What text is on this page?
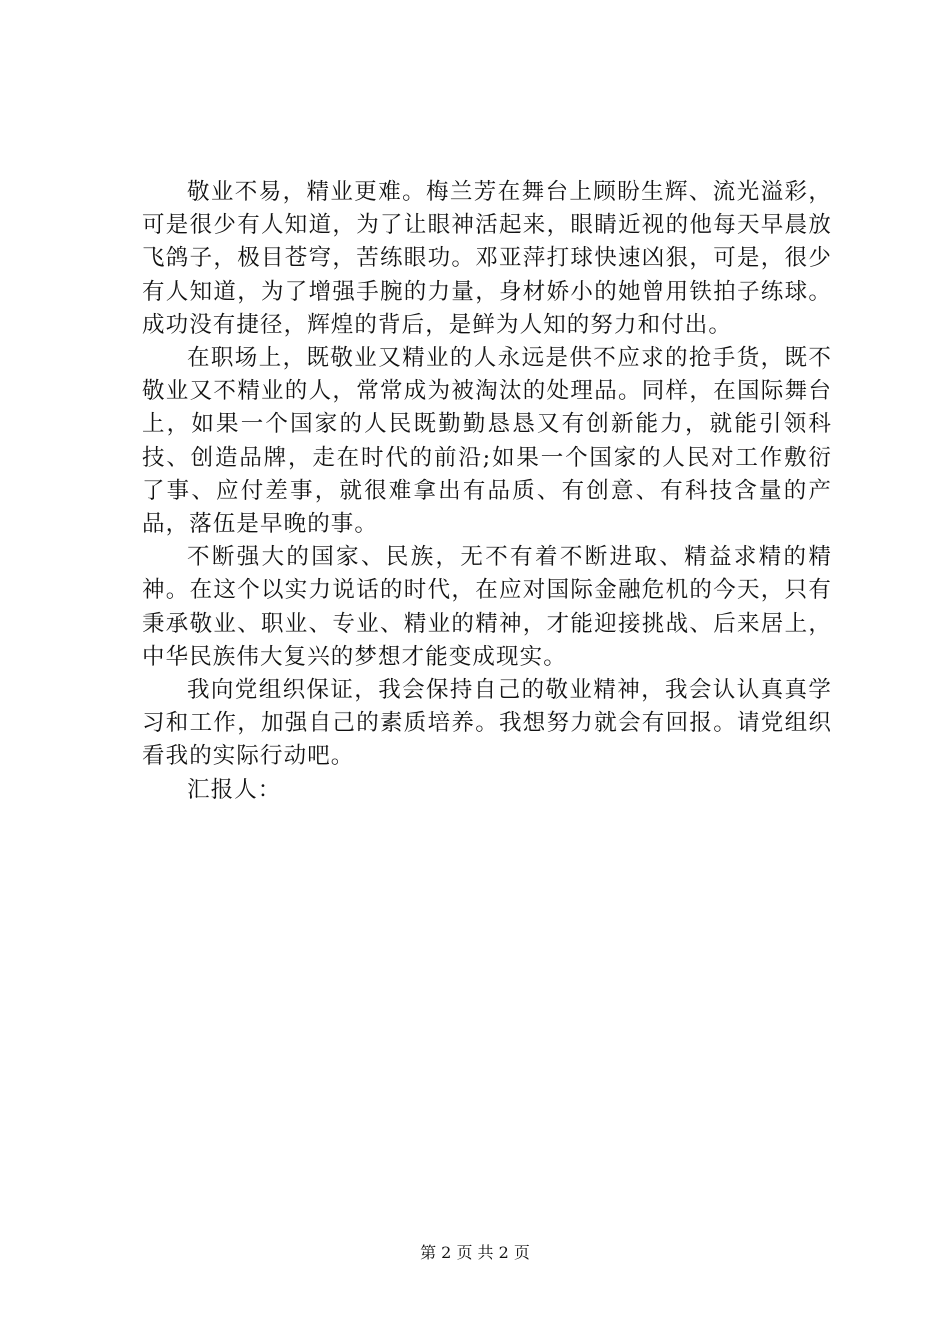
敬业不易，精业更难。梅兰芳在舞台上顾盼生辉、流光溢彩，可是很少有人知道，为了让眼神活起来，眼睛近视的他每天早晨放飞鸽子，极目苍穹，苦练眼功。邓亚萍打球快速凶狠，可是，很少有人知道，为了增强手腕的力量，身材娇小的她曾用铁拍子练球。成功没有捷径，辉煌的背后，是鲜为人知的努力和付出。

在职场上，既敬业又精业的人永远是供不应求的抢手货，既不敬业又不精业的人，常常成为被淘汰的处理品。同样，在国际舞台上，如果一个国家的人民既勤勤恳恳又有创新能力，就能引领科技、创造品牌，走在时代的前沿;如果一个国家的人民对工作敷衍了事、应付差事，就很难拿出有品质、有创意、有科技含量的产品，落伍是早晚的事。

不断强大的国家、民族，无不有着不断进取、精益求精的精神。在这个以实力说话的时代，在应对国际金融危机的今天，只有秉承敬业、职业、专业、精业的精神，才能迎接挑战、后来居上，中华民族伟大复兴的梦想才能变成现实。

我向党组织保证，我会保持自己的敬业精神，我会认认真真学习和工作，加强自己的素质培养。我想努力就会有回报。请党组织看我的实际行动吧。

汇报人：

第 2 页 共 2 页
